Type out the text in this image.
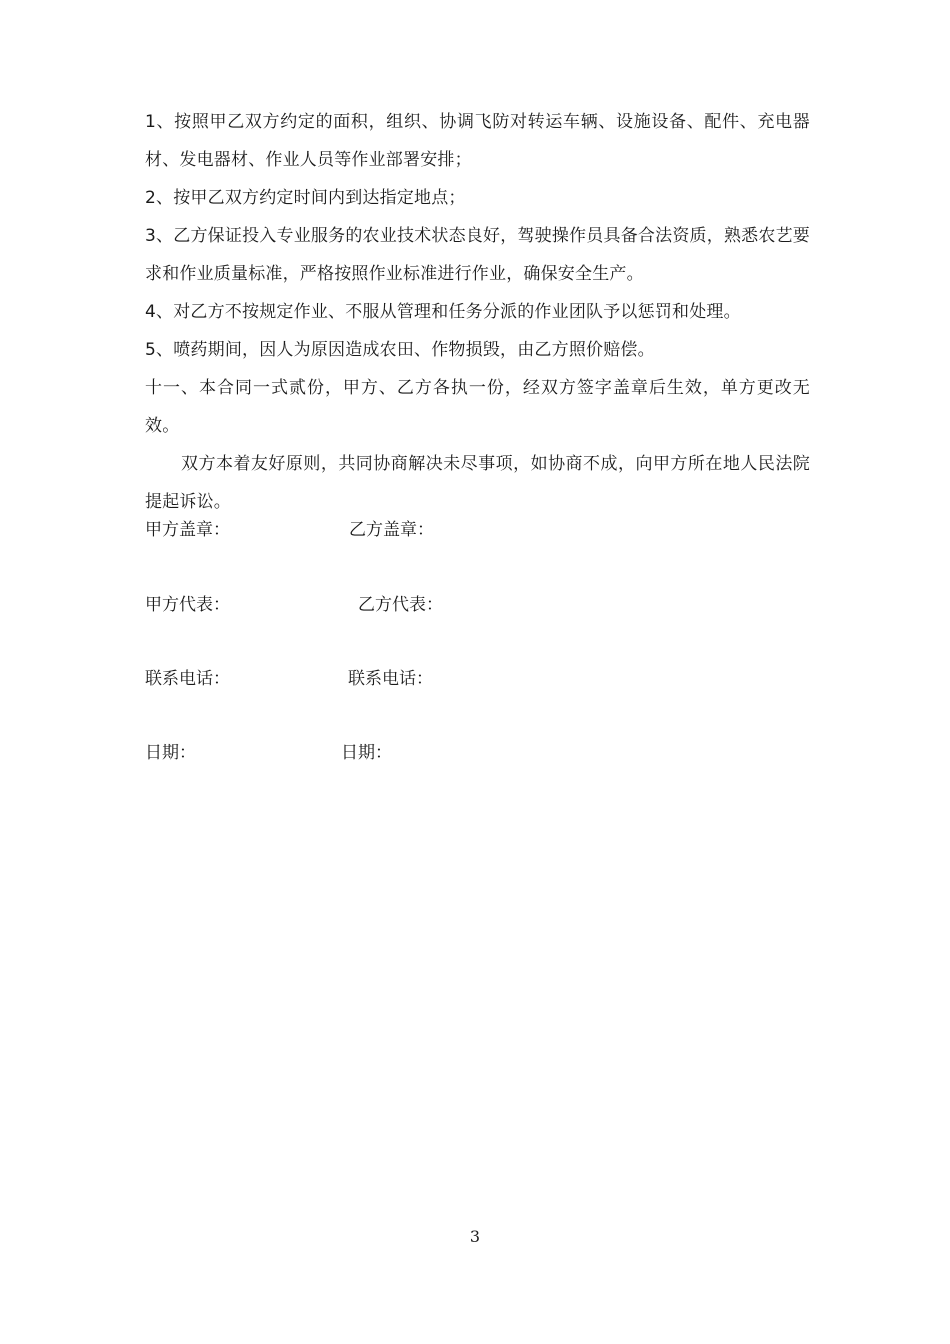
1、按照甲乙双方约定的面积，组织、协调飞防对转运车辆、设施设备、配件、充电器材、发电器材、作业人员等作业部署安排；

2、按甲乙双方约定时间内到达指定地点；

3、乙方保证投入专业服务的农业技术状态良好，驾驶操作员具备合法资质，熟悉农艺要求和作业质量标准，严格按照作业标准进行作业，确保安全生产。

4、对乙方不按规定作业、不服从管理和任务分派的作业团队予以惩罚和处理。

5、喷药期间，因人为原因造成农田、作物损毁，由乙方照价赔偿。

十一、本合同一式贰份，甲方、乙方各执一份，经双方签字盖章后生效，单方更改无效。

双方本着友好原则，共同协商解决未尽事项，如协商不成，向甲方所在地人民法院提起诉讼。

甲方盖章：	乙方盖章：
甲方代表：	乙方代表：
联系电话：	联系电话：
日期：	日期：
3
